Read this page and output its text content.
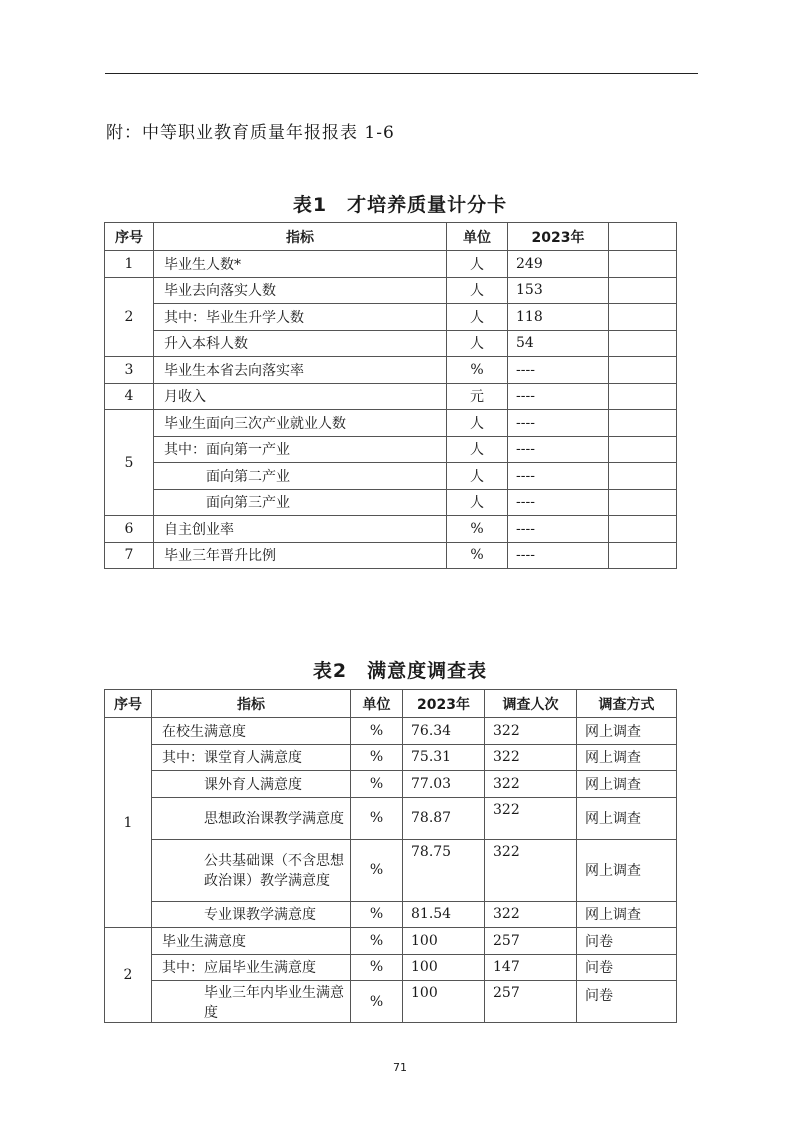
附：中等职业教育质量年报报表 1-6
表1　才培养质量计分卡
序号	指标	单位	2023年	
1	毕业生人数*	人	249	
2	毕业去向落实人数	人	153	
	其中：毕业生升学人数	人	118	
	升入本科人数	人	54	
3	毕业生本省去向落实率	%	----	
4	月收入	元	----	
5	毕业生面向三次产业就业人数	人	----	
	其中：面向第一产业	人	----	
	面向第二产业	人	----	
	面向第三产业	人	----	
6	自主创业率	%	----	
7	毕业三年晋升比例	%	----	
表2　满意度调查表
序号	指标	单位	2023年	调查人次	调查方式
1	在校生满意度	%	76.34	322	网上调查
	其中：课堂育人满意度	%	75.31	322	网上调查
	课外育人满意度	%	77.03	322	网上调查
	思想政治课教学满意度	%	78.87	322	网上调查
	公共基础课（不含思想政治课）教学满意度	%	78.75	322	网上调查
	专业课教学满意度	%	81.54	322	网上调查
2	毕业生满意度	%	100	257	问卷
	其中：应届毕业生满意度	%	100	147	问卷
	毕业三年内毕业生满意度	%	100	257	问卷
71
